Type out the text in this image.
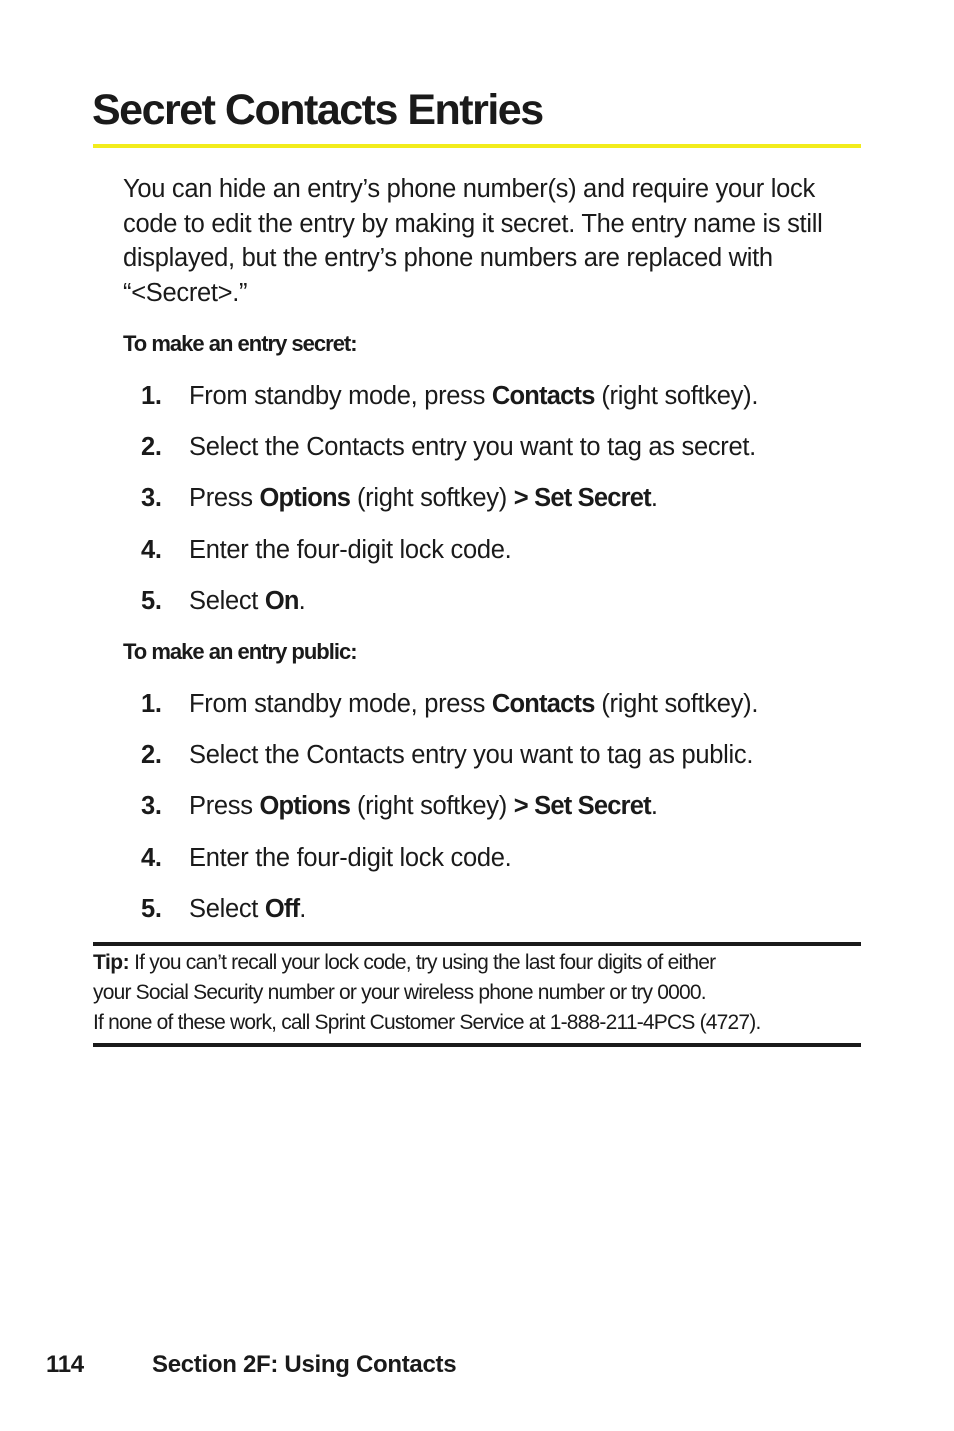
Secret Contacts Entries

You can hide an entry’s phone number(s) and require your lock code to edit the entry by making it secret. The entry name is still displayed, but the entry’s phone numbers are replaced with “<Secret>.”

To make an entry secret:
1. From standby mode, press Contacts (right softkey).
2. Select the Contacts entry you want to tag as secret.
3. Press Options (right softkey) > Set Secret.
4. Enter the four-digit lock code.
5. Select On.
To make an entry public:
1. From standby mode, press Contacts (right softkey).
2. Select the Contacts entry you want to tag as public.
3. Press Options (right softkey) > Set Secret.
4. Enter the four-digit lock code.
5. Select Off.
Tip: If you can’t recall your lock code, try using the last four digits of either
your Social Security number or your wireless phone number or try 0000.
If none of these work, call Sprint Customer Service at 1-888-211-4PCS (4727).
114	Section 2F: Using Contacts
